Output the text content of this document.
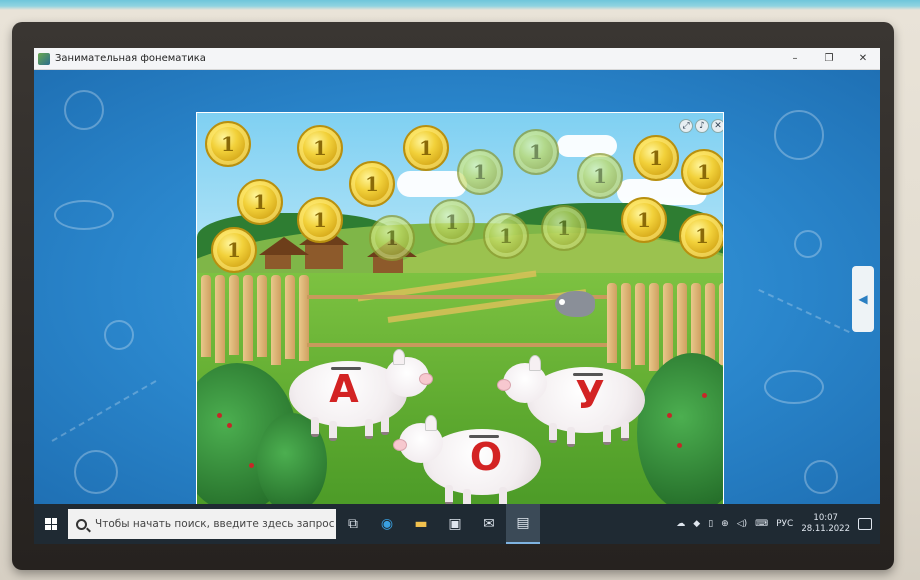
Занимательная фонематика	–	❐	✕
◀
⤢	♪	✕
1	1	1	1	1
1
1	1	1
1
1	1	1	1
1	1	1
1
А	У
О
Чтобы начать поиск, введите здесь запрос ⧉	◉ ▬	▣	✉	▤	☁ ◆ ▯ ⊕ ◁) ⌨ РУС
10:07
28.11.2022
